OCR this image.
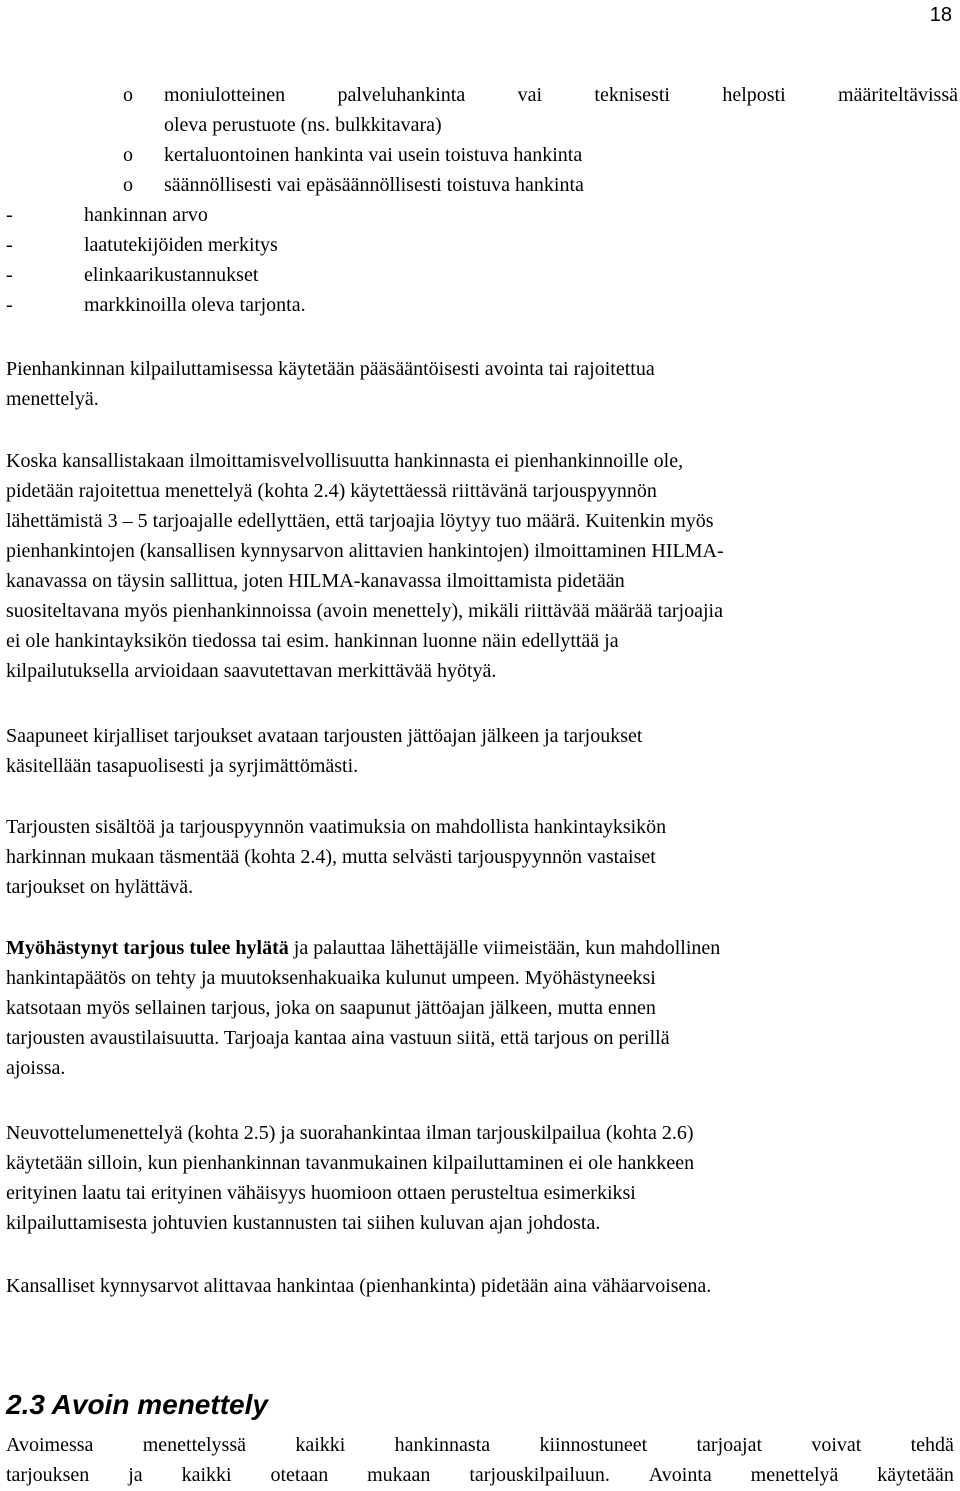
18
o moniulotteinen	palveluhankinta	vai	teknisesti	helposti	määriteltävissä
oleva perustuote (ns. bulkkitavara)
o kertaluontoinen hankinta vai usein toistuva hankinta
o säännöllisesti vai epäsäännöllisesti toistuva hankinta
-	hankinnan arvo
-	laatutekijöiden merkitys
-	elinkaarikustannukset
-	markkinoilla oleva tarjonta.
Pienhankinnan kilpailuttamisessa käytetään pääsääntöisesti avointa tai rajoitettua
menettelyä.
Koska kansallistakaan ilmoittamisvelvollisuutta hankinnasta ei pienhankinnoille ole,
pidetään rajoitettua menettelyä (kohta 2.4) käytettäessä riittävänä tarjouspyynnön
lähettämistä 3 – 5 tarjoajalle edellyttäen, että tarjoajia löytyy tuo määrä. Kuitenkin myös
pienhankintojen (kansallisen kynnysarvon alittavien hankintojen) ilmoittaminen HILMA-
kanavassa on täysin sallittua, joten HILMA-kanavassa ilmoittamista pidetään
suositeltavana myös pienhankinnoissa (avoin menettely), mikäli riittävää määrää tarjoajia
ei ole hankintayksikön tiedossa tai esim. hankinnan luonne näin edellyttää ja
kilpailutuksella arvioidaan saavutettavan merkittävää hyötyä.
Saapuneet kirjalliset tarjoukset avataan tarjousten jättöajan jälkeen ja tarjoukset
käsitellään tasapuolisesti ja syrjimättömästi.
Tarjousten sisältöä ja tarjouspyynnön vaatimuksia on mahdollista hankintayksikön
harkinnan mukaan täsmentää (kohta 2.4), mutta selvästi tarjouspyynnön vastaiset
tarjoukset on hylättävä.
Myöhästynyt tarjous tulee hylätä ja palauttaa lähettäjälle viimeistään, kun mahdollinen
hankintapäätös on tehty ja muutoksenhakuaika kulunut umpeen. Myöhästyneeksi
katsotaan myös sellainen tarjous, joka on saapunut jättöajan jälkeen, mutta ennen
tarjousten avaustilaisuutta. Tarjoaja kantaa aina vastuun siitä, että tarjous on perillä
ajoissa.
Neuvottelumenettelyä (kohta 2.5) ja suorahankintaa ilman tarjouskilpailua (kohta 2.6)
käytetään silloin, kun pienhankinnan tavanmukainen kilpailuttaminen ei ole hankkeen
erityinen laatu tai erityinen vähäisyys huomioon ottaen perusteltua esimerkiksi
kilpailuttamisesta johtuvien kustannusten tai siihen kuluvan ajan johdosta.
Kansalliset kynnysarvot alittavaa hankintaa (pienhankinta) pidetään aina vähäarvoisena.
2.3 Avoin menettely
Avoimessa menettelyssä kaikki hankinnasta kiinnostuneet tarjoajat voivat tehdä
tarjouksen ja kaikki otetaan mukaan tarjouskilpailuun. Avointa menettelyä käytetään
